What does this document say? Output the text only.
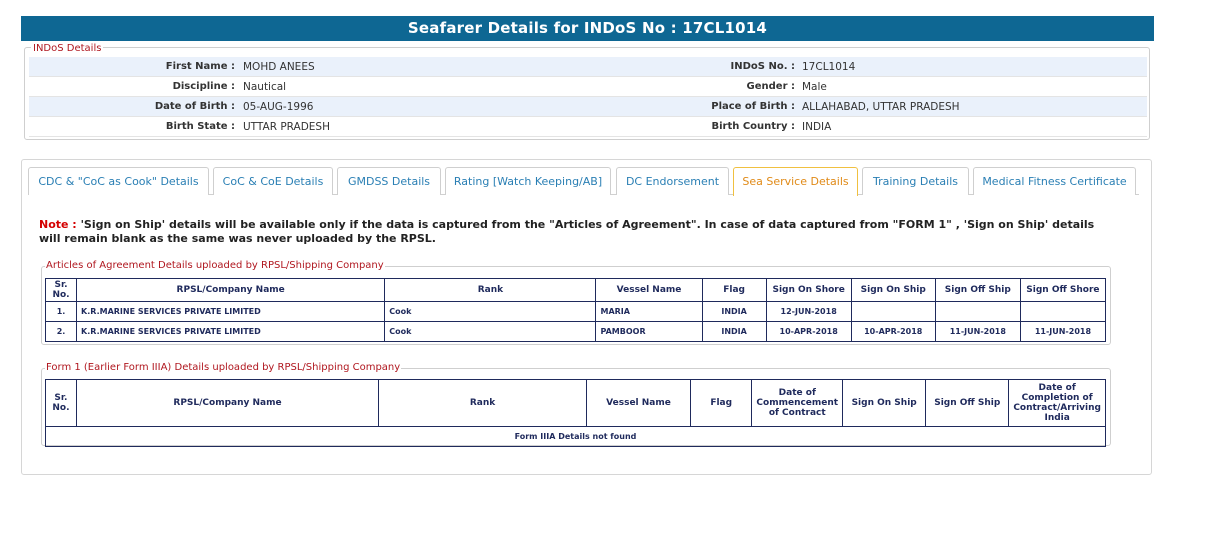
Seafarer Details for INDoS No : 17CL1014
INDoS Details
First Name : MOHD ANEES	INDoS No. : 17CL1014
Discipline : Nautical	Gender : Male
Date of Birth : 05-AUG-1996	Place of Birth : ALLAHABAD, UTTAR PRADESH
Birth State : UTTAR PRADESH	Birth Country : INDIA
CDC & "CoC as Cook" Details	CoC & CoE Details	GMDSS Details	Rating [Watch Keeping/AB]	DC Endorsement	Sea Service Details	Training Details	Medical Fitness Certificate
Note : 'Sign on Ship' details will be available only if the data is captured from the "Articles of Agreement". In case of data captured from "FORM 1" , 'Sign on Ship' details will remain blank as the same was never uploaded by the RPSL.
Articles of Agreement Details uploaded by RPSL/Shipping Company
Sr. No.	RPSL/Company Name	Rank	Vessel Name	Flag	Sign On Shore	Sign On Ship	Sign Off Ship	Sign Off Shore
1.	K.R.MARINE SERVICES PRIVATE LIMITED	Cook	MARIA	INDIA	12-JUN-2018			
2.	K.R.MARINE SERVICES PRIVATE LIMITED	Cook	PAMBOOR	INDIA	10-APR-2018	10-APR-2018	11-JUN-2018	11-JUN-2018
Form 1 (Earlier Form IIIA) Details uploaded by RPSL/Shipping Company
Sr. No.	RPSL/Company Name	Rank	Vessel Name	Flag	Date of Commencement of Contract	Sign On Ship	Sign Off Ship	Date of Completion of Contract/Arriving India
Form IIIA Details not found
